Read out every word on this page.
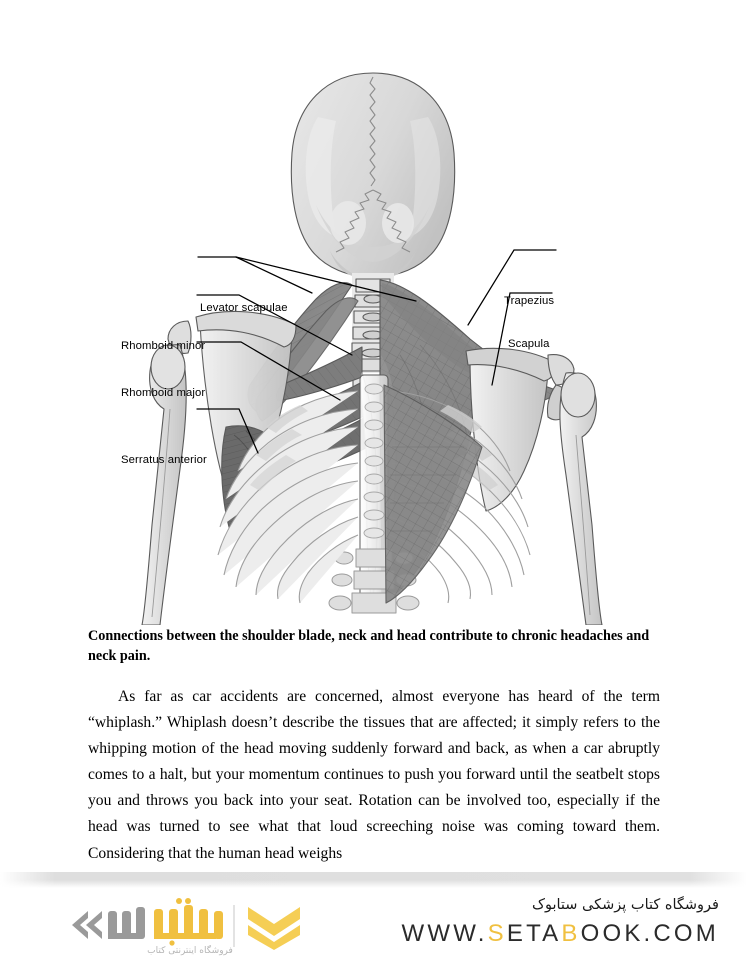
Levator scapulae
Rhomboid minor
Rhomboid major
Serratus anterior
Trapezius
Scapula
Connections between the shoulder blade, neck and head contribute to chronic headaches and neck pain.
As far as car accidents are concerned, almost everyone has heard of the term “whiplash.” Whiplash doesn’t describe the tissues that are affected; it simply refers to the whipping motion of the head moving suddenly forward and back, as when a car abruptly comes to a halt, but your momentum continues to push you forward until the seatbelt stops you and throws you back into your seat. Rotation can be involved too, especially if the head was turned to see what that loud screeching noise was coming toward them. Considering that the human head weighs
فروشگاه اینترنتی کتاب
فروشگاه کتاب پزشکی ستابوک
WWW.SETABOOK.COM
